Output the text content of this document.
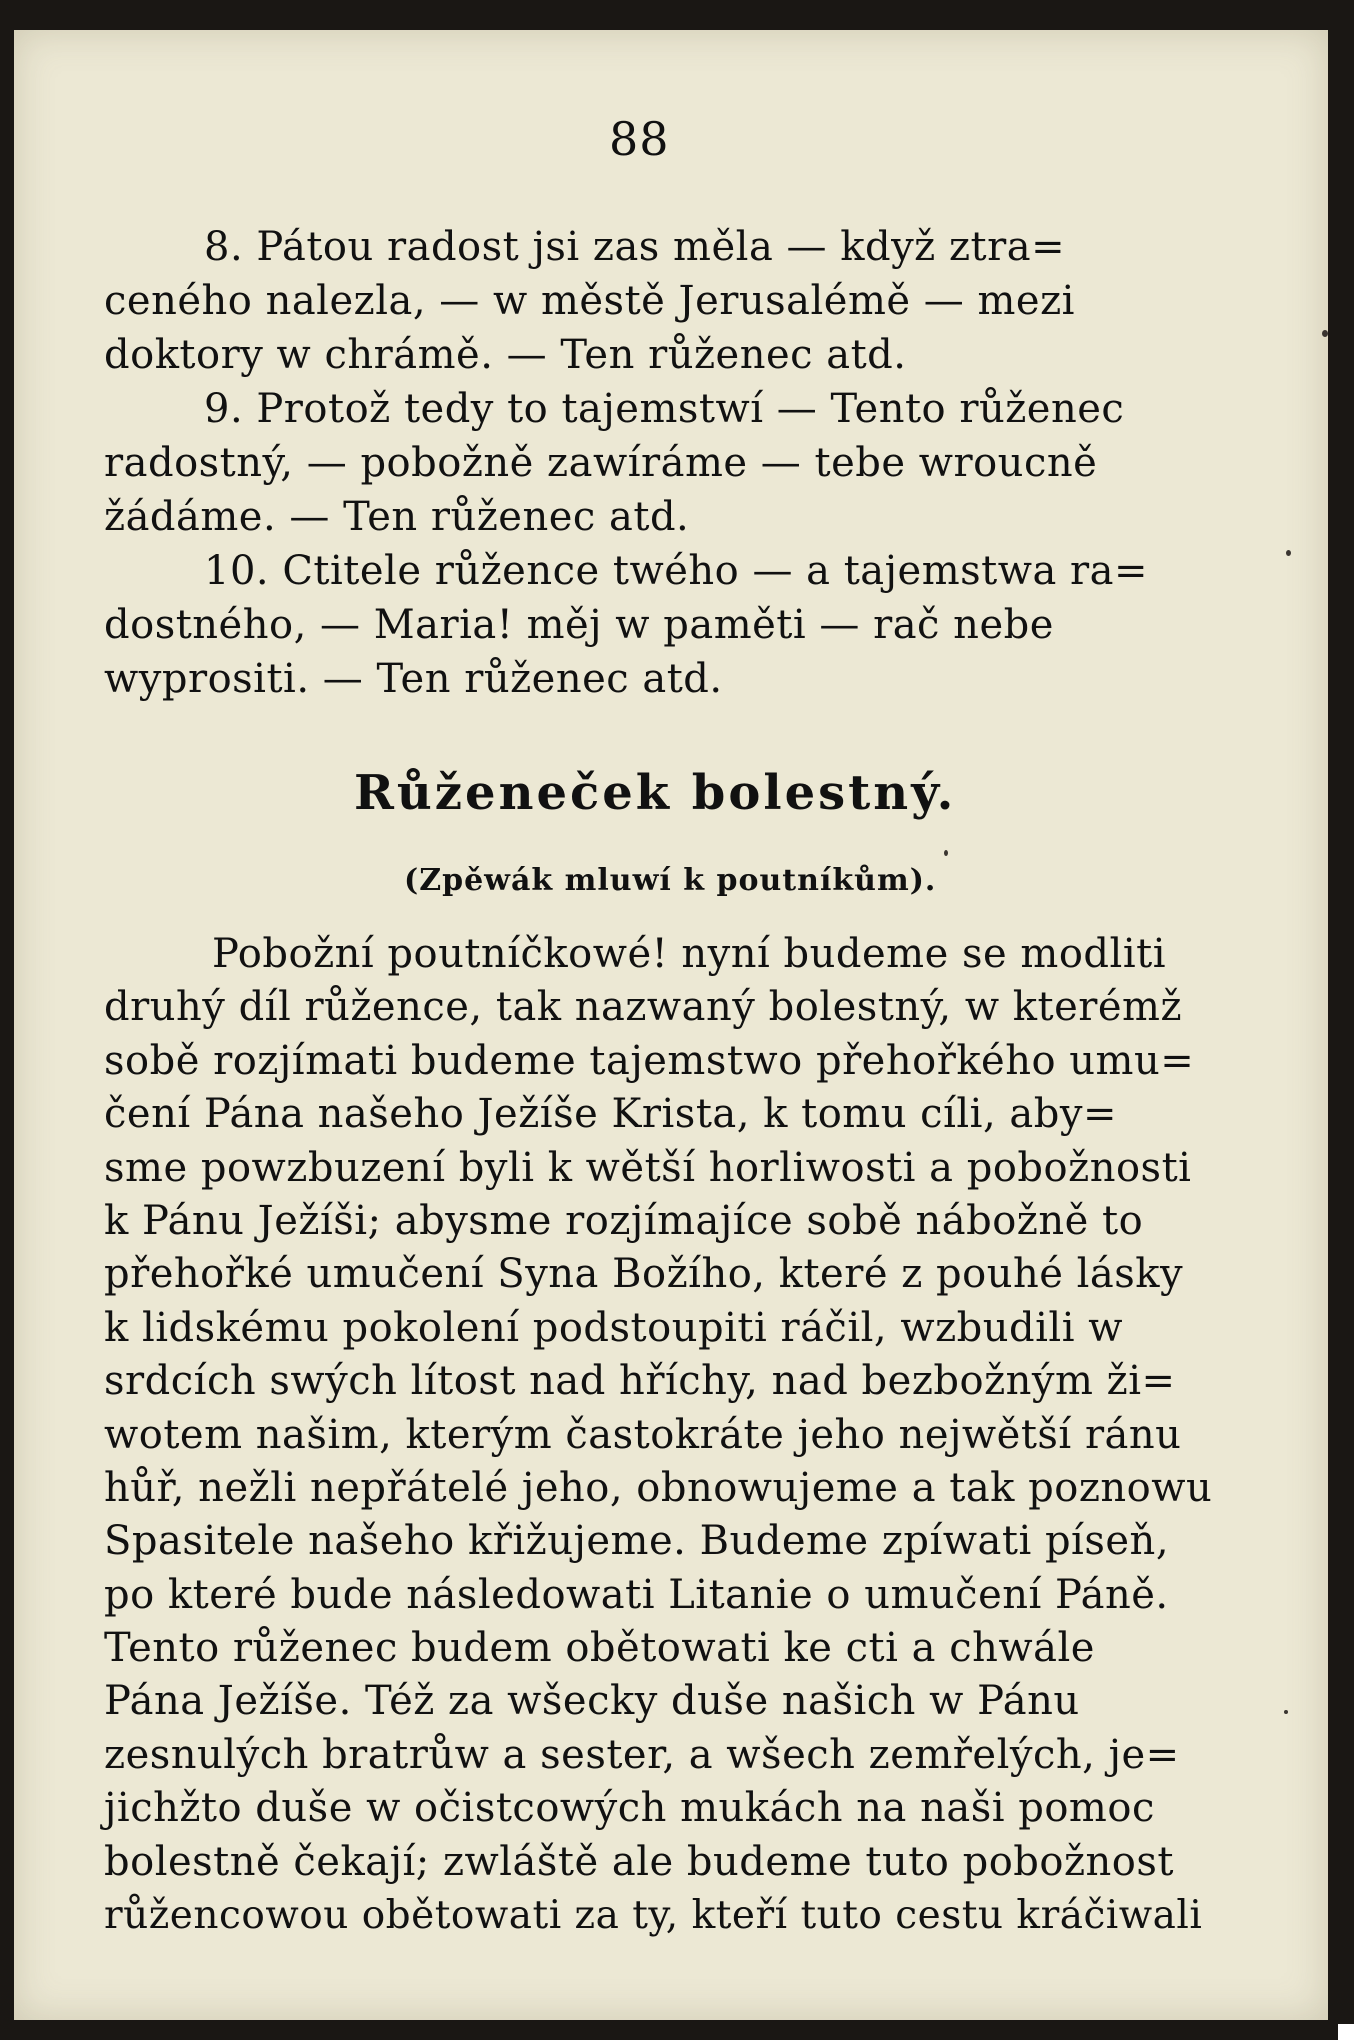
88
8. Pátou radost jsi zas měla — když ztra=
ceného nalezla, — w městě Jerusalémě — mezi
doktory w chrámě. — Ten růženec atd.
9. Protož tedy to tajemstwí — Tento růženec
radostný, — pobožně zawíráme — tebe wroucně
žádáme. — Ten růženec atd.
10. Ctitele růžence twého — a tajemstwa ra=
dostného, — Maria! měj w paměti — rač nebe
wyprositi. — Ten růženec atd.
Růženeček bolestný.
(Zpěwák mluwí k poutníkům).
Pobožní poutníčkowé! nyní budeme se modliti
druhý díl růžence, tak nazwaný bolestný, w kterémž
sobě rozjímati budeme tajemstwo přehořkého umu=
čení Pána našeho Ježíše Krista, k tomu cíli, aby=
sme powzbuzení byli k wětší horliwosti a pobožnosti
k Pánu Ježíši; abysme rozjímajíce sobě nábožně to
přehořké umučení Syna Božího, které z pouhé lásky
k lidskému pokolení podstoupiti ráčil, wzbudili w
srdcích swých lítost nad hříchy, nad bezbožným ži=
wotem našim, kterým častokráte jeho nejwětší ránu
hůř, nežli nepřátelé jeho, obnowujeme a tak poznowu
Spasitele našeho křižujeme. Budeme zpíwati píseň,
po které bude následowati Litanie o umučení Páně.
Tento růženec budem obětowati ke cti a chwále
Pána Ježíše. Též za wšecky duše našich w Pánu
zesnulých bratrůw a sester, a wšech zemřelých, je=
jichžto duše w očistcowých mukách na naši pomoc
bolestně čekají; zwláště ale budeme tuto pobožnost
růžencowou obětowati za ty, kteří tuto cestu kráčiwali
